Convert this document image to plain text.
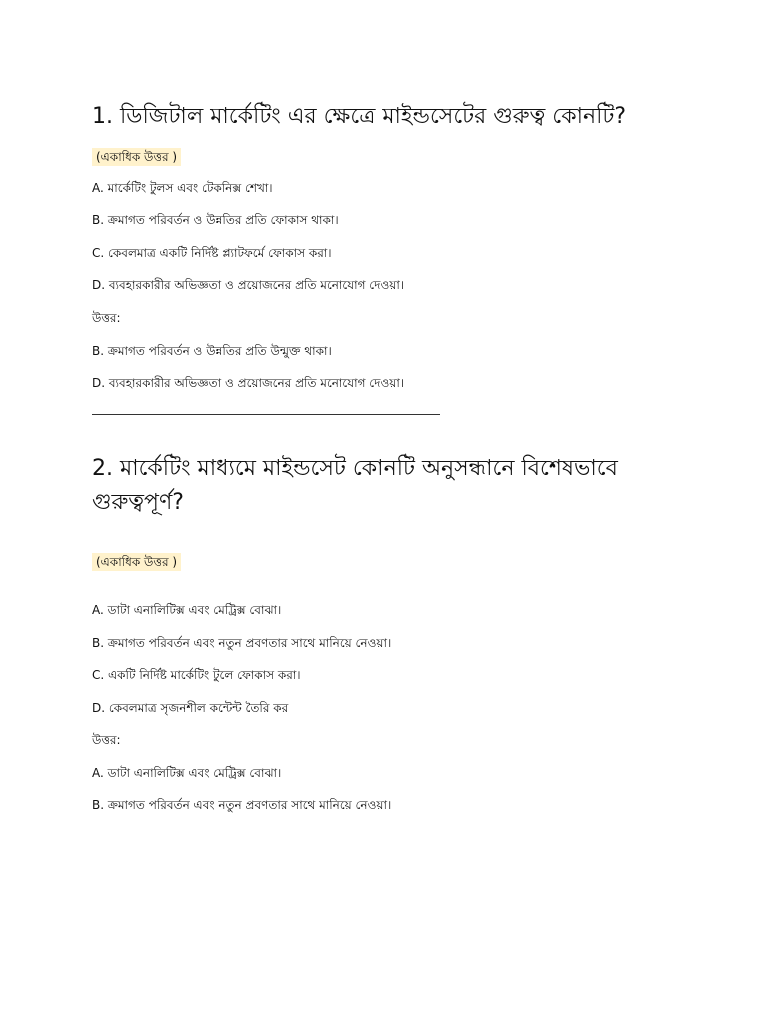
1. ডিজিটাল মার্কেটিং এর ক্ষেত্রে মাইন্ডসেটের গুরুত্ব কোনটি?
(একাধিক উত্তর )
A. মার্কেটিং টুলস এবং টেকনিক্স শেখা।
B. ক্রমাগত পরিবর্তন ও উন্নতির প্রতি ফোকাস থাকা।
C. কেবলমাত্র একটি নির্দিষ্ট প্ল্যাটফর্মে ফোকাস করা।
D. ব্যবহারকারীর অভিজ্ঞতা ও প্রয়োজনের প্রতি মনোযোগ দেওয়া।
উত্তর:
B. ক্রমাগত পরিবর্তন ও উন্নতির প্রতি উন্মুক্ত থাকা।
D. ব্যবহারকারীর অভিজ্ঞতা ও প্রয়োজনের প্রতি মনোযোগ দেওয়া।
2. মার্কেটিং মাধ্যমে মাইন্ডসেট কোনটি অনুসন্ধানে বিশেষভাবে গুরুত্বপূর্ণ?
(একাধিক উত্তর )
A. ডাটা এনালিটিক্স এবং মেট্রিক্স বোঝা।
B. ক্রমাগত পরিবর্তন এবং নতুন প্রবণতার সাথে মানিয়ে নেওয়া।
C. একটি নির্দিষ্ট মার্কেটিং টুলে ফোকাস করা।
D. কেবলমাত্র সৃজনশীল কন্টেন্ট তৈরি কর
উত্তর:
A. ডাটা এনালিটিক্স এবং মেট্রিক্স বোঝা।
B. ক্রমাগত পরিবর্তন এবং নতুন প্রবণতার সাথে মানিয়ে নেওয়া।
